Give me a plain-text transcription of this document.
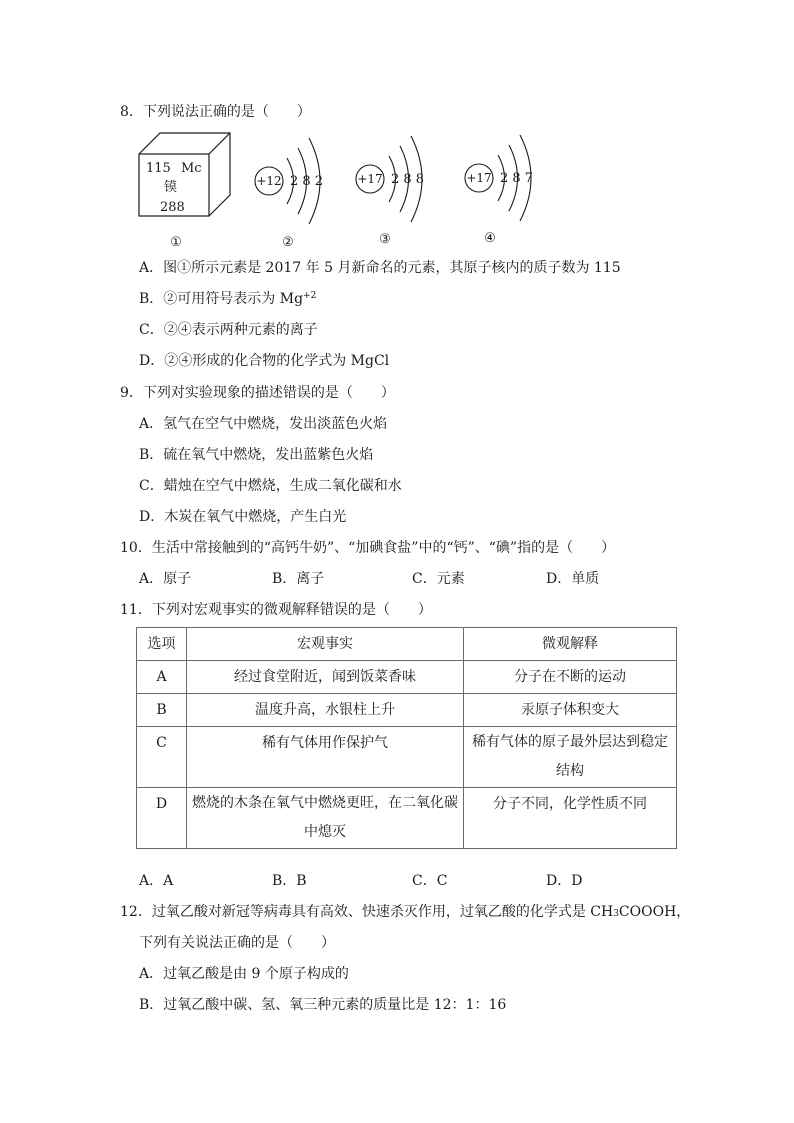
8．下列说法正确的是（　　）
115 Mc
镆
288
+12 2 8 2	+17 2 8 8	+17 2 8 7
①	②	③	④
A．图①所示元素是 2017 年 5 月新命名的元素，其原子核内的质子数为 115
B．②可用符号表示为 $Mg^{+2}$
C．②④表示两种元素的离子
D．②④形成的化合物的化学式为 MgCl
9．下列对实验现象的描述错误的是（　　）
A．氢气在空气中燃烧，发出淡蓝色火焰
B．硫在氧气中燃烧，发出蓝紫色火焰
C．蜡烛在空气中燃烧，生成二氧化碳和水
D．木炭在氧气中燃烧，产生白光
10．生活中常接触到的“高钙牛奶”、“加碘食盐”中的“钙”、“碘”指的是（　　）
A．原子	B．离子	C．元素	D．单质
11．下列对宏观事实的微观解释错误的是（　　）
选项	宏观事实	微观解释
A	经过食堂附近，闻到饭菜香味	分子在不断的运动
B	温度升高，水银柱上升	汞原子体积变大
C	稀有气体用作保护气	稀有气体的原子最外层达到稳定结构
D	燃烧的木条在氧气中燃烧更旺，在二氧化碳中熄灭	分子不同，化学性质不同
A．A	B．B	C．C	D．D
12．过氧乙酸对新冠等病毒具有高效、快速杀灭作用，过氧乙酸的化学式是 $CH_3COOOH$，
下列有关说法正确的是（　　）
A．过氧乙酸是由 9 个原子构成的
B．过氧乙酸中碳、氢、氧三种元素的质量比是 12：1：16
